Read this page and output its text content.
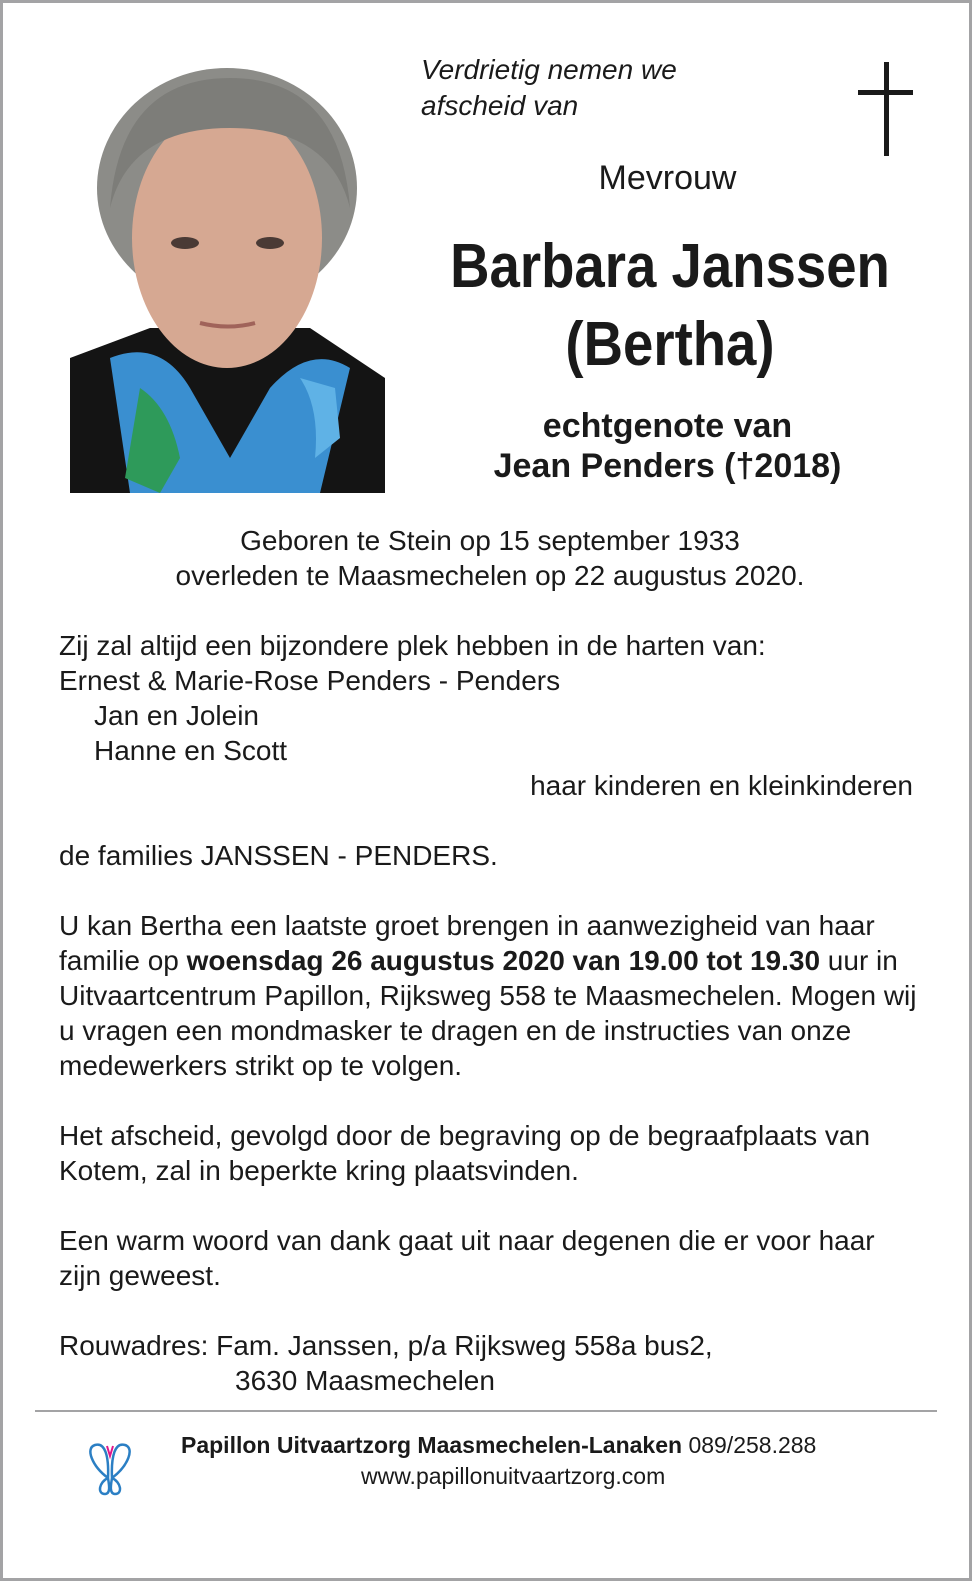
Verdrietig nemen we
afscheid van
Mevrouw
Barbara Janssen
(Bertha)
echtgenote van
Jean Penders (†2018)
Geboren te Stein op 15 september 1933
overleden te Maasmechelen op 22 augustus 2020.
Zij zal altijd een bijzondere plek hebben in de harten van:
Ernest & Marie-Rose Penders - Penders
Jan en Jolein
Hanne en Scott
haar kinderen en kleinkinderen
de families JANSSEN - PENDERS.
U kan Bertha een laatste groet brengen in aanwezigheid van haar familie op woensdag 26 augustus 2020 van 19.00 tot 19.30 uur in Uitvaartcentrum Papillon, Rijksweg 558 te Maasmechelen. Mogen wij u vragen een mondmasker te dragen en de instructies van onze medewerkers strikt op te volgen.
Het afscheid, gevolgd door de begraving op de begraafplaats van Kotem, zal in beperkte kring plaatsvinden.
Een warm woord van dank gaat uit naar degenen die er voor haar zijn geweest.
Rouwadres: Fam. Janssen, p/a Rijksweg 558a bus2,
3630 Maasmechelen
Papillon Uitvaartzorg Maasmechelen-Lanaken 089/258.288
www.papillonuitvaartzorg.com
